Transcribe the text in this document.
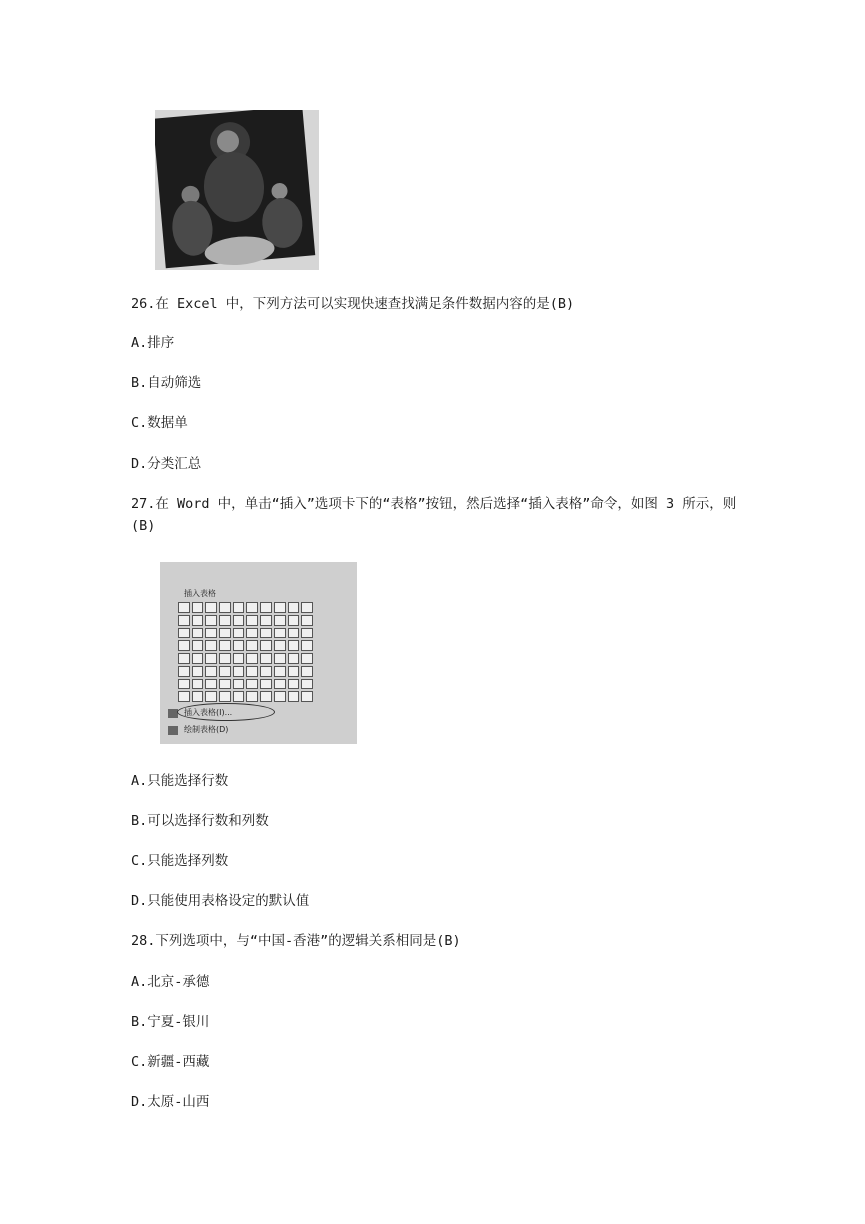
26.在 Excel 中，下列方法可以实现快速查找满足条件数据内容的是(B)
A.排序
B.自动筛选
C.数据单
D.分类汇总
27.在 Word 中，单击“插入”选项卡下的“表格”按钮，然后选择“插入表格”命令，如图 3 所示，则(B)
插入表格
插入表格(I)...
绘制表格(D)
A.只能选择行数
B.可以选择行数和列数
C.只能选择列数
D.只能使用表格设定的默认值
28.下列选项中，与“中国-香港”的逻辑关系相同是(B)
A.北京-承德
B.宁夏-银川
C.新疆-西藏
D.太原-山西
